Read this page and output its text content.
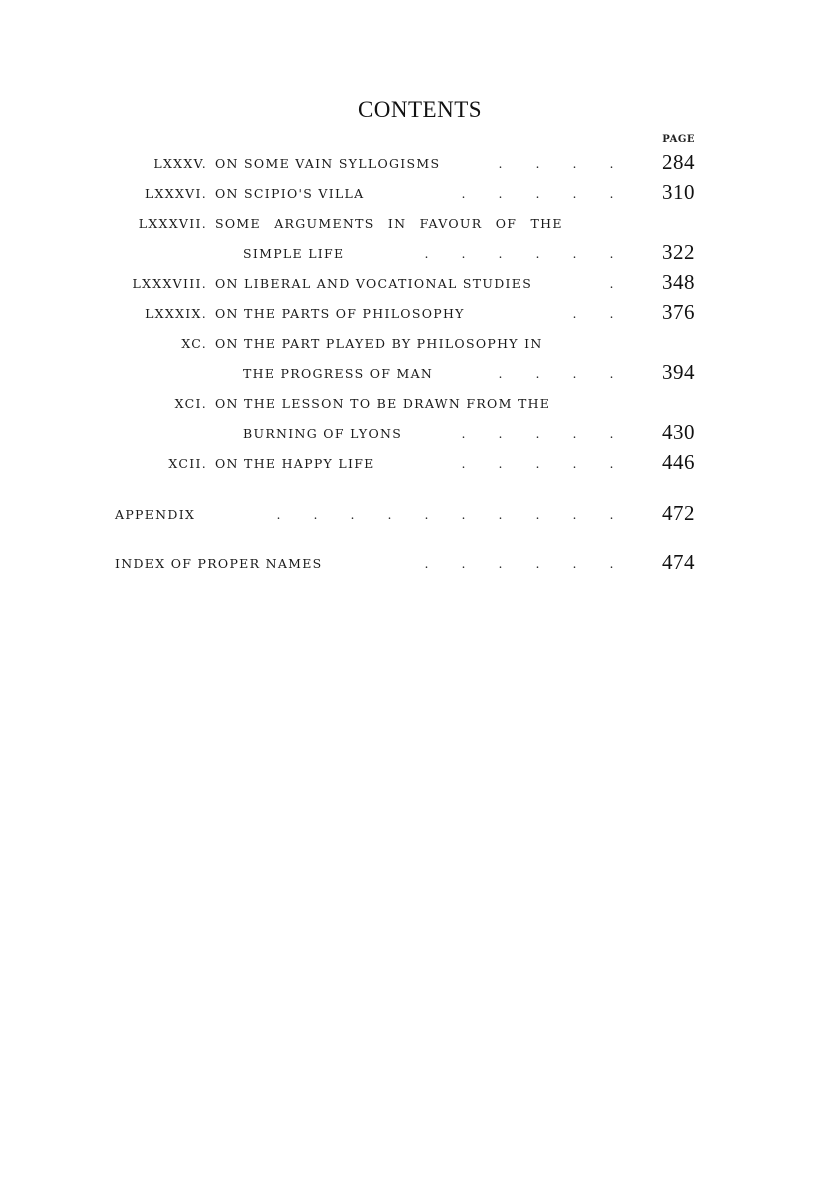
CONTENTS
PAGE
LXXXV. ON SOME VAIN SYLLOGISMS	.	.	.	.	284
LXXXVI. ON SCIPIO'S VILLA	.	.	.	.	.	310
LXXXVII. SOME ARGUMENTS IN FAVOUR OF THE
SIMPLE LIFE	.	.	.	.	.	.	322
LXXXVIII. ON LIBERAL AND VOCATIONAL STUDIES	.	348
LXXXIX. ON THE PARTS OF PHILOSOPHY	.	.	376
XC. ON THE PART PLAYED BY PHILOSOPHY IN
THE PROGRESS OF MAN	.	.	.	.	394
XCI. ON THE LESSON TO BE DRAWN FROM THE
BURNING OF LYONS	.	.	.	.	.	430
XCII. ON THE HAPPY LIFE	.	.	.	.	.	446
APPENDIX	.	.	.	.	.	.	.	.	.	.	472
INDEX OF PROPER NAMES	.	.	.	.	.	.	474
